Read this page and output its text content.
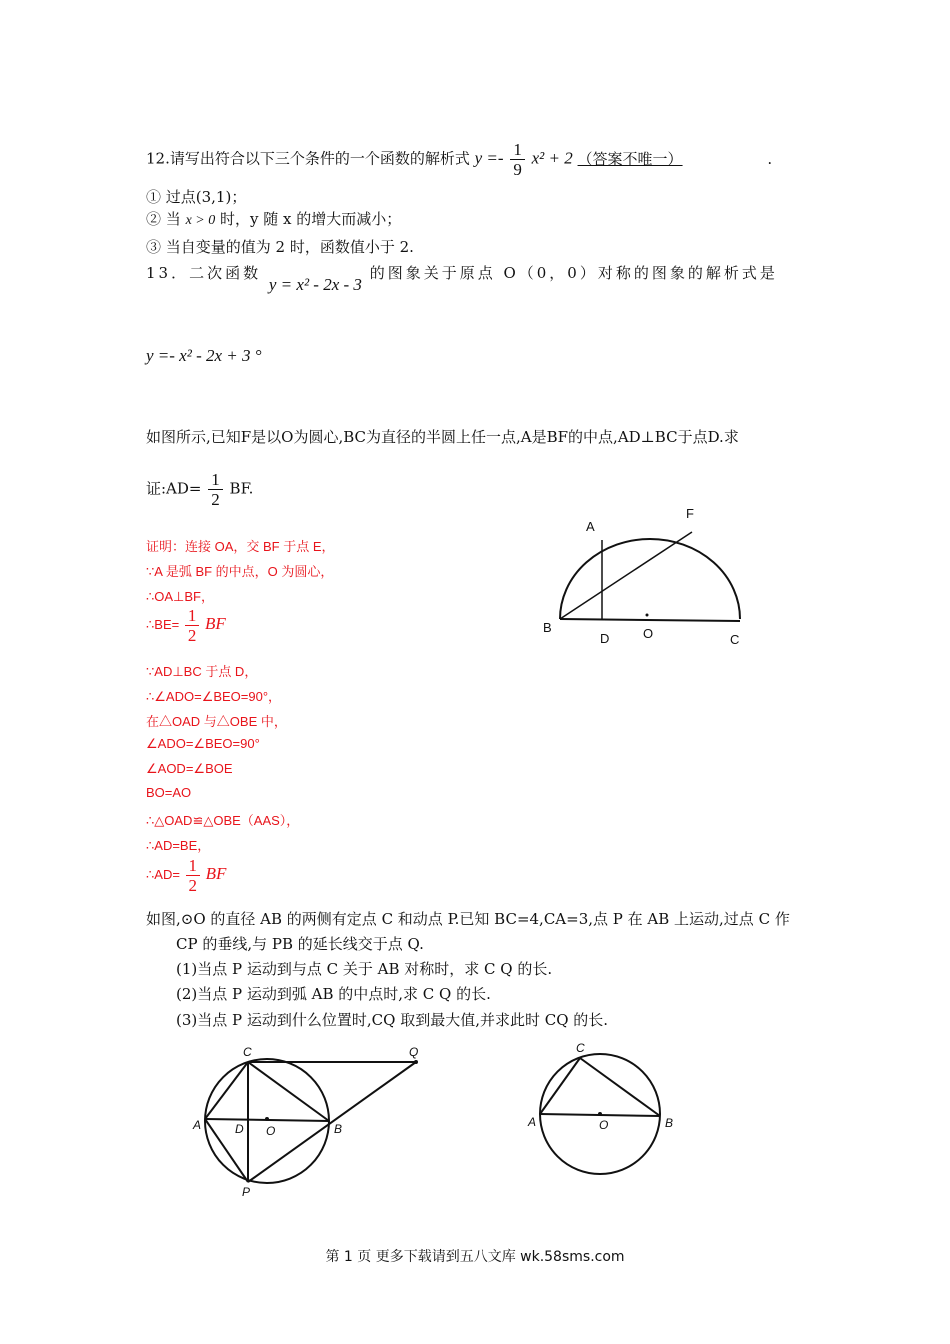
12.请写出符合以下三个条件的一个函数的解析式 $y =- \frac{1}{9} x^2 + 2$ （答案不唯一）	.
① 过点(3,1)；
② 当 x > 0 时，y 随 x 的增大而减小；
③ 当自变量的值为 2 时，函数值小于 2.
13．二次函数 y = x² - 2x - 3 的图象关于原点 O（0，0）对称的图象的解析式是
y =- x² - 2x + 3 °
如图所示,已知F是以O为圆心,BC为直径的半圆上任一点,A是BF的中点,AD⊥BC于点D.求
证:AD= $\frac{1}{2}$ BF.
证明：连接 OA，交 BF 于点 E，
∵A 是弧 BF 的中点，O 为圆心，
∴OA⊥BF，
∴BE= $\frac{1}{2}$ BF
∵AD⊥BC 于点 D，
∴∠ADO=∠BEO=90°，
在△OAD 与△OBE 中，
∠ADO=∠BEO=90°
∠AOD=∠BOE
BO=AO
∴△OAD≌△OBE（AAS），
∴AD=BE，
∴AD= $\frac{1}{2}$ BF
A
F
B
D	O	C
如图,⊙O 的直径 AB 的两侧有定点 C 和动点 P.已知 BC=4,CA=3,点 P 在 AB 上运动,过点 C 作
CP 的垂线,与 PB 的延长线交于点 Q.
(1)当点 P 运动到与点 C 关于 AB 对称时，求 C Q 的长.
(2)当点 P 运动到弧 AB 的中点时,求 C Q 的长.
(3)当点 P 运动到什么位置时,CQ 取到最大值,并求此时 CQ 的长.
C	Q
A	D O	B
P
C
A	O	B
第 1 页 更多下载请到五八文库 wk.58sms.com
